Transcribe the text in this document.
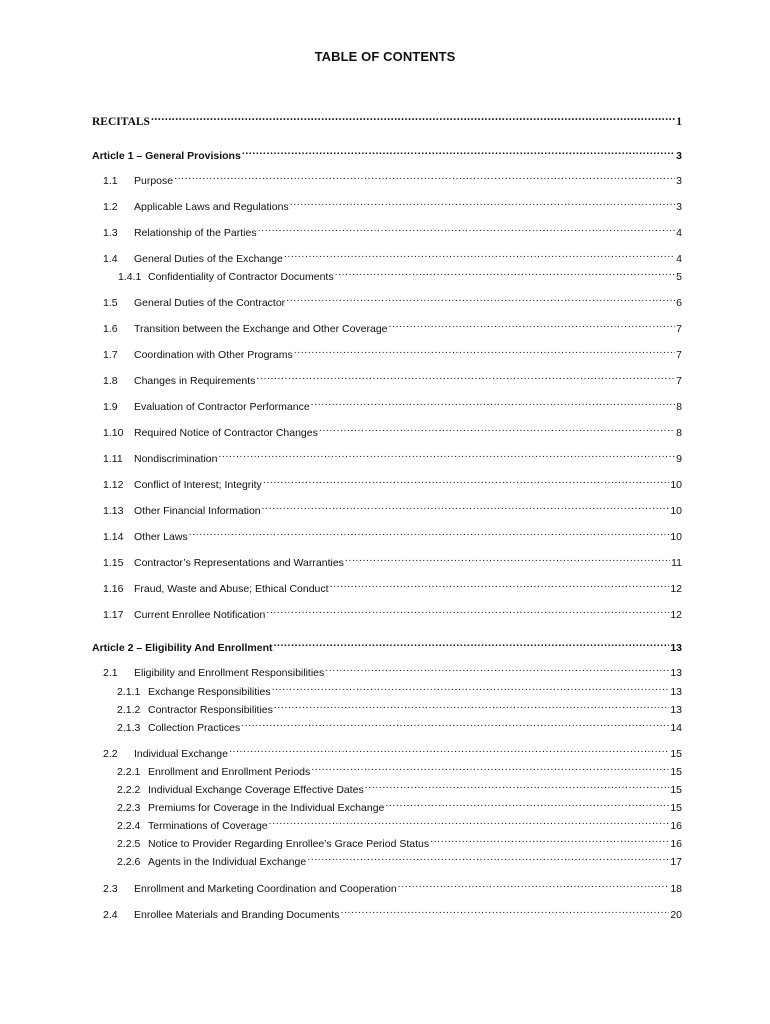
TABLE OF CONTENTS
RECITALS .....	1
Article 1 – General Provisions .....	3
1.1	Purpose .....	3
1.2	Applicable Laws and Regulations .....	3
1.3	Relationship of the Parties .....	4
1.4	General Duties of the Exchange .....	4
1.4.1 Confidentiality of Contractor Documents .....	5
1.5	General Duties of the Contractor .....	6
1.6	Transition between the Exchange and Other Coverage .....	7
1.7	Coordination with Other Programs .....	7
1.8	Changes in Requirements .....	7
1.9	Evaluation of Contractor Performance .....	8
1.10	Required Notice of Contractor Changes .....	8
1.11	Nondiscrimination .....	9
1.12	Conflict of Interest; Integrity .....	10
1.13	Other Financial Information .....	10
1.14	Other Laws .....	10
1.15	Contractor’s Representations and Warranties .....	11
1.16	Fraud, Waste and Abuse; Ethical Conduct .....	12
1.17	Current Enrollee Notification .....	12
Article 2 – Eligibility And Enrollment .....	13
2.1	Eligibility and Enrollment Responsibilities .....	13
2.1.1 Exchange Responsibilities .....	13
2.1.2 Contractor Responsibilities .....	13
2.1.3 Collection Practices .....	14
2.2	Individual Exchange .....	15
2.2.1 Enrollment and Enrollment Periods .....	15
2.2.2 Individual Exchange Coverage Effective Dates .....	15
2.2.3 Premiums for Coverage in the Individual Exchange .....	15
2.2.4 Terminations of Coverage .....	16
2.2.5 Notice to Provider Regarding Enrollee’s Grace Period Status .....	16
2.2.6 Agents in the Individual Exchange .....	17
2.3	Enrollment and Marketing Coordination and Cooperation .....	18
2.4	Enrollee Materials and Branding Documents .....	20
